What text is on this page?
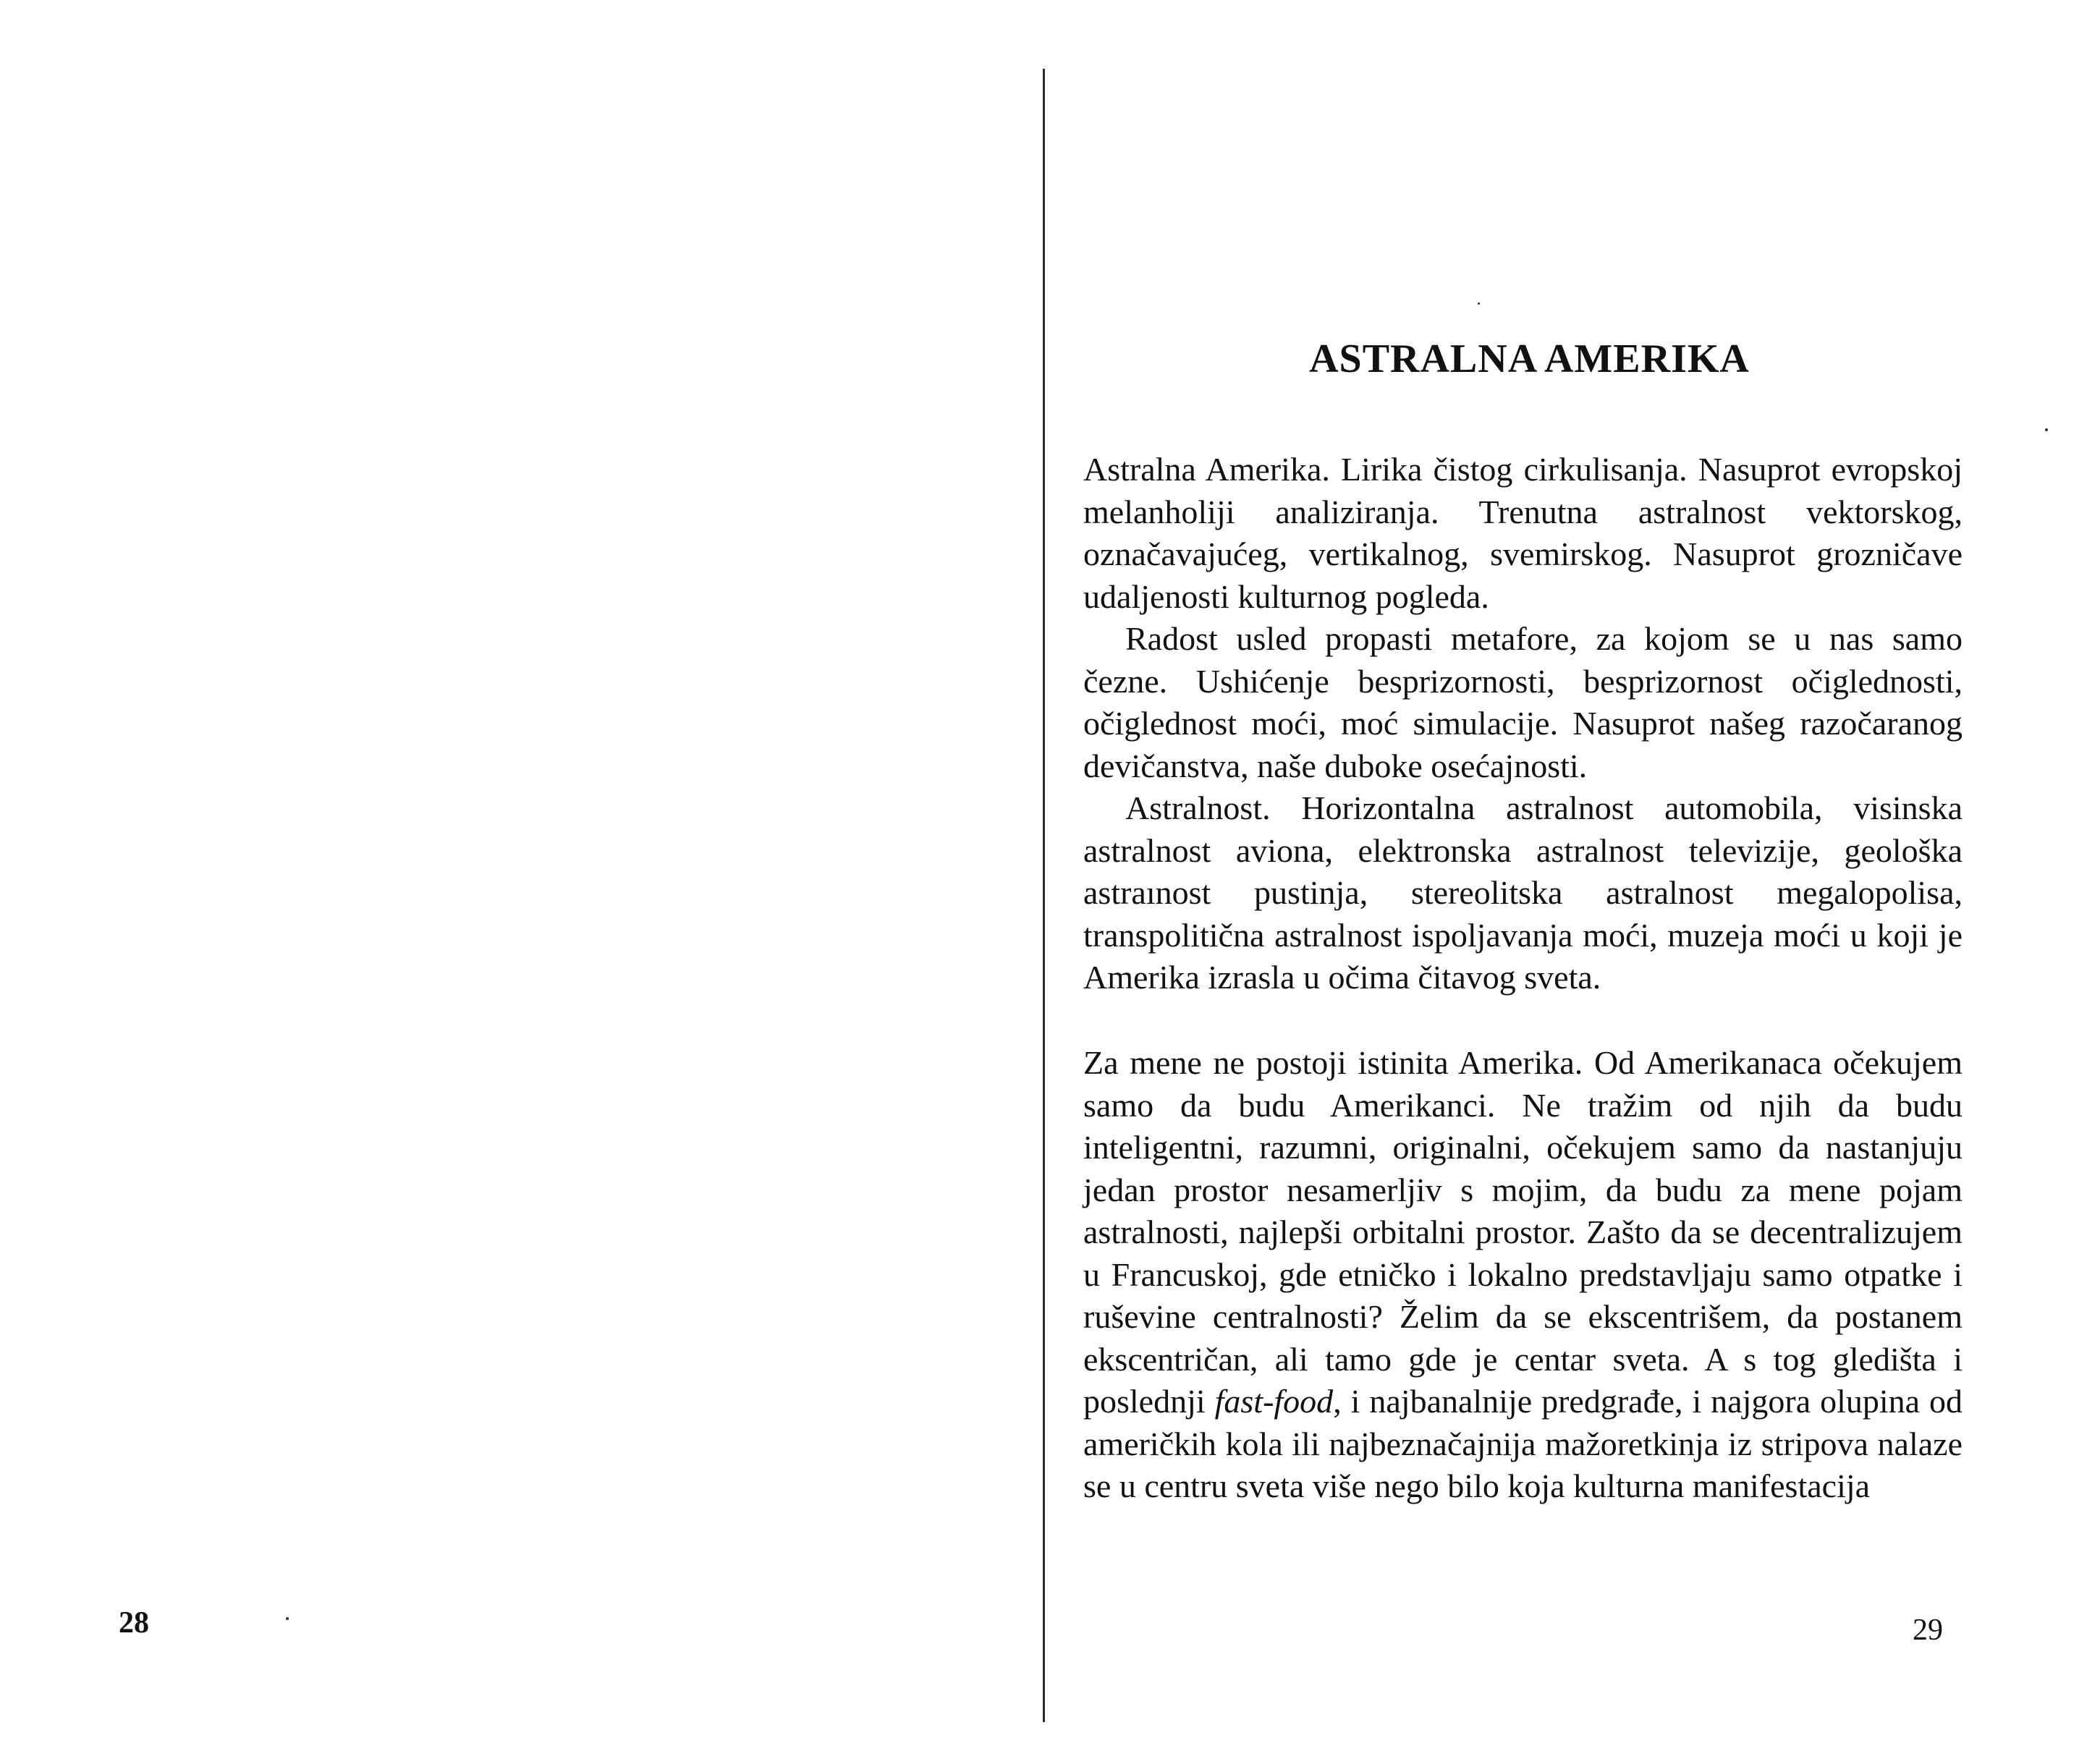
28
ASTRALNA AMERIKA

Astralna Amerika. Lirika čistog cirkulisanja. Nasuprot evropskoj melanholiji analiziranja. Trenutna astralnost vektorskog, označavajućeg, vertikalnog, svemirskog. Nasuprot grozničave udaljenosti kulturnog pogleda.

Radost usled propasti metafore, za kojom se u nas samo čezne. Ushićenje besprizornosti, besprizornost očiglednosti, očiglednost moći, moć simulacije. Nasuprot našeg razočaranog devičanstva, naše duboke osećajnosti.

Astralnost. Horizontalna astralnost automobila, visinska astralnost aviona, elektronska astralnost televizije, geološka astraınost pustinja, stereolitska astralnost megalopolisa, transpolitična astralnost ispoljavanja moći, muzeja moći u koji je Amerika izrasla u očima čitavog sveta.

Za mene ne postoji istinita Amerika. Od Amerikanaca očekujem samo da budu Amerikanci. Ne tražim od njih da budu inteligentni, razumni, originalni, očekujem samo da nastanjuju jedan prostor nesamerljiv s mojim, da budu za mene pojam astralnosti, najlepši orbitalni prostor. Zašto da se decentralizujem u Francuskoj, gde etničko i lokalno predstavljaju samo otpatke i ruševine centralnosti? Želim da se ekscentrišem, da postanem ekscentričan, ali tamo gde je centar sveta. A s tog gledišta i poslednji fast-food, i najbanalnije predgrađe, i najgora olupina od američkih kola ili najbeznačajnija mažoretkinja iz stripova nalaze se u centru sveta više nego bilo koja kulturna manifestacija

29
